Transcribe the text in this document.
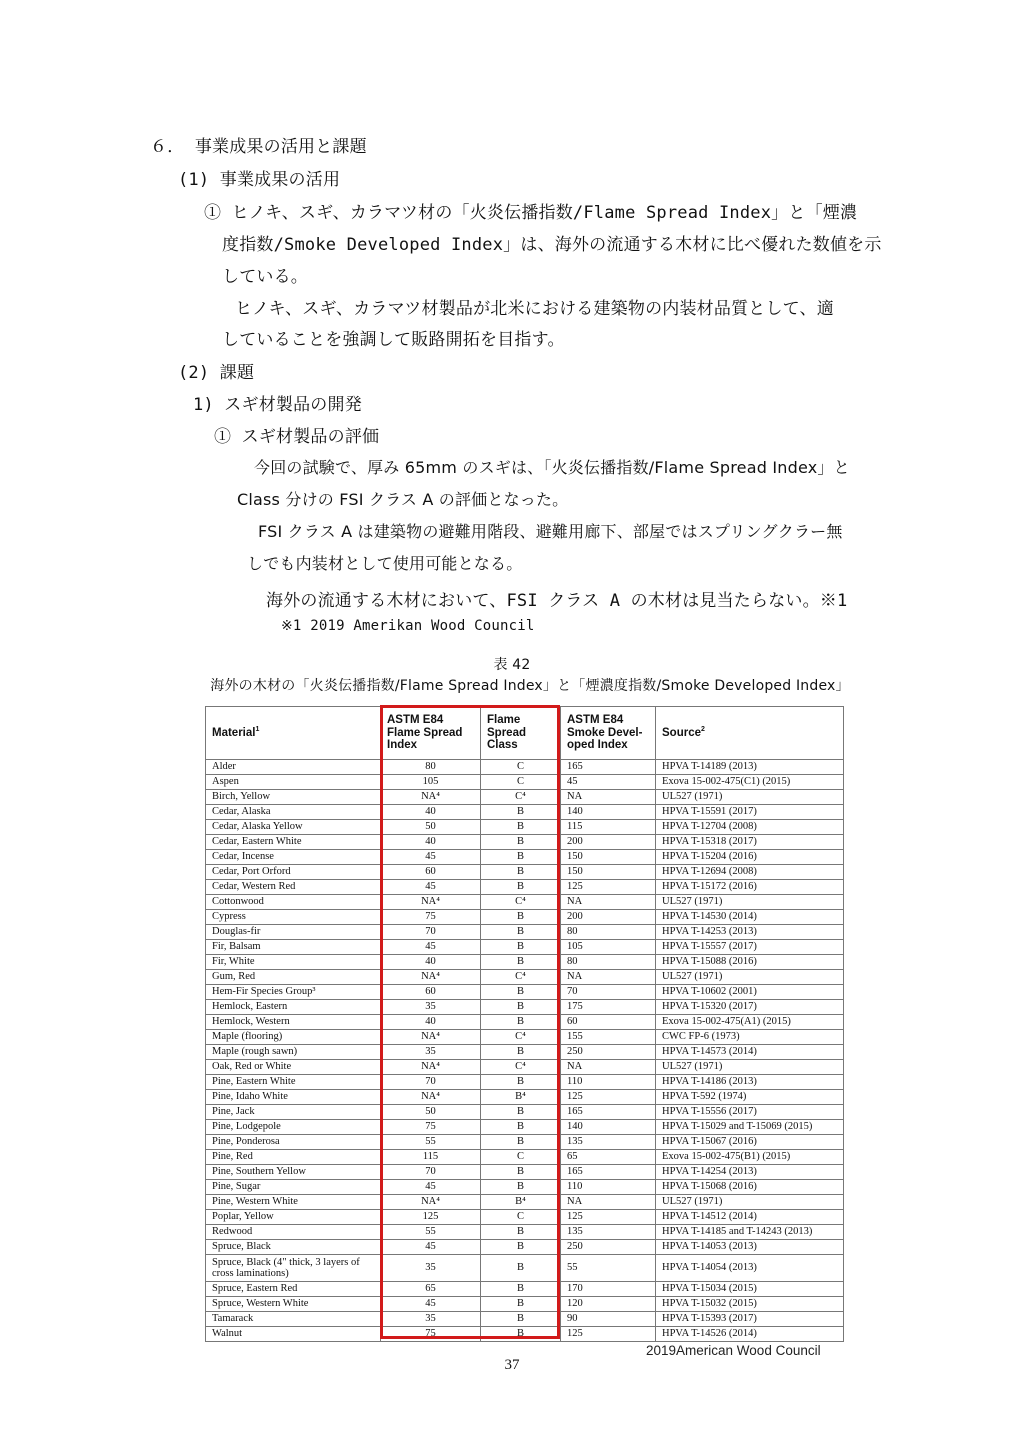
６． 事業成果の活用と課題
(1) 事業成果の活用
① ヒノキ、スギ、カラマツ材の「火炎伝播指数/Flame Spread Index」と「煙濃
度指数/Smoke Developed Index」は、海外の流通する木材に比べ優れた数値を示
している。
ヒノキ、スギ、カラマツ材製品が北米における建築物の内装材品質として、適
していることを強調して販路開拓を目指す。
(2) 課題
1) スギ材製品の開発
① スギ材製品の評価
今回の試験で、厚み 65mm のスギは、「火炎伝播指数/Flame Spread Index」と
Class 分けの FSI クラス A の評価となった。
FSI クラス A は建築物の避難用階段、避難用廊下、部屋ではスプリングクラー無
しでも内装材として使用可能となる。
海外の流通する木材において、FSI クラス A の木材は見当たらない。※1
※1 2019 Amerikan Wood Council
表 42
海外の木材の「火炎伝播指数/Flame Spread Index」と「煙濃度指数/Smoke Developed Index」
Material$^1$	ASTM E84 Flame Spread Index	Flame Spread Class	ASTM E84 Smoke Devel- oped Index	Source$^2$
Alder	80	C	165	HPVA T-14189 (2013)
Aspen	105	C	45	Exova 15-002-475(C1) (2015)
Birch, Yellow	NA⁴	C⁴	NA	UL527 (1971)
Cedar, Alaska	40	B	140	HPVA T-15591 (2017)
Cedar, Alaska Yellow	50	B	115	HPVA T-12704 (2008)
Cedar, Eastern White	40	B	200	HPVA T-15318 (2017)
Cedar, Incense	45	B	150	HPVA T-15204 (2016)
Cedar, Port Orford	60	B	150	HPVA T-12694 (2008)
Cedar, Western Red	45	B	125	HPVA T-15172 (2016)
Cottonwood	NA⁴	C⁴	NA	UL527 (1971)
Cypress	75	B	200	HPVA T-14530 (2014)
Douglas-fir	70	B	80	HPVA T-14253 (2013)
Fir, Balsam	45	B	105	HPVA T-15557 (2017)
Fir, White	40	B	80	HPVA T-15088 (2016)
Gum, Red	NA⁴	C⁴	NA	UL527 (1971)
Hem-Fir Species Group³	60	B	70	HPVA T-10602 (2001)
Hemlock, Eastern	35	B	175	HPVA T-15320 (2017)
Hemlock, Western	40	B	60	Exova 15-002-475(A1) (2015)
Maple (flooring)	NA⁴	C⁴	155	CWC FP-6 (1973)
Maple (rough sawn)	35	B	250	HPVA T-14573 (2014)
Oak, Red or White	NA⁴	C⁴	NA	UL527 (1971)
Pine, Eastern White	70	B	110	HPVA T-14186 (2013)
Pine, Idaho White	NA⁴	B⁴	125	HPVA T-592 (1974)
Pine, Jack	50	B	165	HPVA T-15556 (2017)
Pine, Lodgepole	75	B	140	HPVA T-15029 and T-15069 (2015)
Pine, Ponderosa	55	B	135	HPVA T-15067 (2016)
Pine, Red	115	C	65	Exova 15-002-475(B1) (2015)
Pine, Southern Yellow	70	B	165	HPVA T-14254 (2013)
Pine, Sugar	45	B	110	HPVA T-15068 (2016)
Pine, Western White	NA⁴	B⁴	NA	UL527 (1971)
Poplar, Yellow	125	C	125	HPVA T-14512 (2014)
Redwood	55	B	135	HPVA T-14185 and T-14243 (2013)
Spruce, Black	45	B	250	HPVA T-14053 (2013)
Spruce, Black (4" thick, 3 layers of cross laminations)	35	B	55	HPVA T-14054 (2013)
Spruce, Eastern Red	65	B	170	HPVA T-15034 (2015)
Spruce, Western White	45	B	120	HPVA T-15032 (2015)
Tamarack	35	B	90	HPVA T-15393 (2017)
Walnut	75	B	125	HPVA T-14526 (2014)
2019American Wood Council
37
